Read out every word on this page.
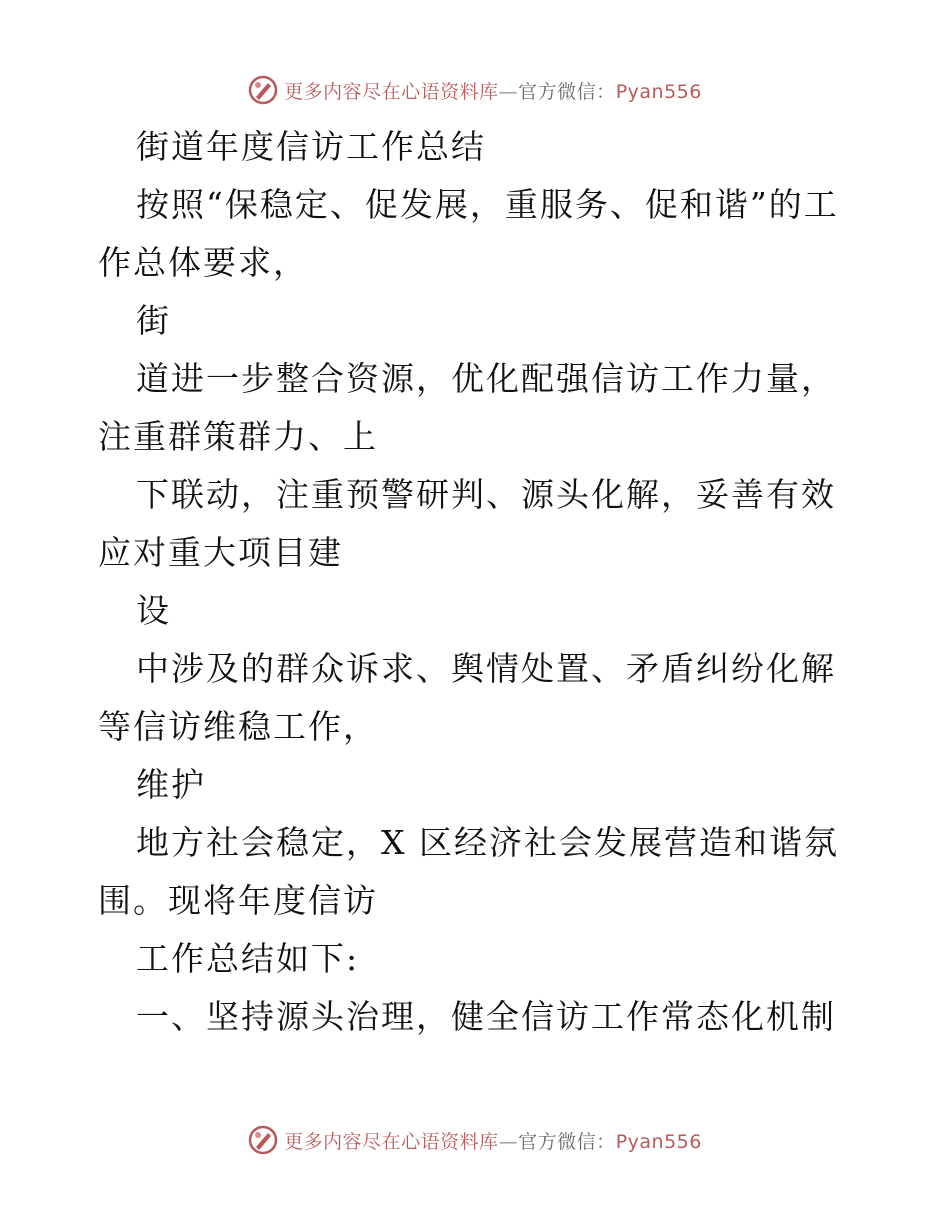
更多内容尽在心语资料库—官方微信：Pyan556

街道年度信访工作总结

按照“保稳定、促发展，重服务、促和谐”的工作总体要求，

街

道进一步整合资源，优化配强信访工作力量，注重群策群力、上

下联动，注重预警研判、源头化解，妥善有效应对重大项目建

设

中涉及的群众诉求、舆情处置、矛盾纠纷化解等信访维稳工作，

维护

地方社会稳定，X 区经济社会发展营造和谐氛围。现将年度信访

工作总结如下:

一、坚持源头治理，健全信访工作常态化机制

更多内容尽在心语资料库—官方微信：Pyan556
